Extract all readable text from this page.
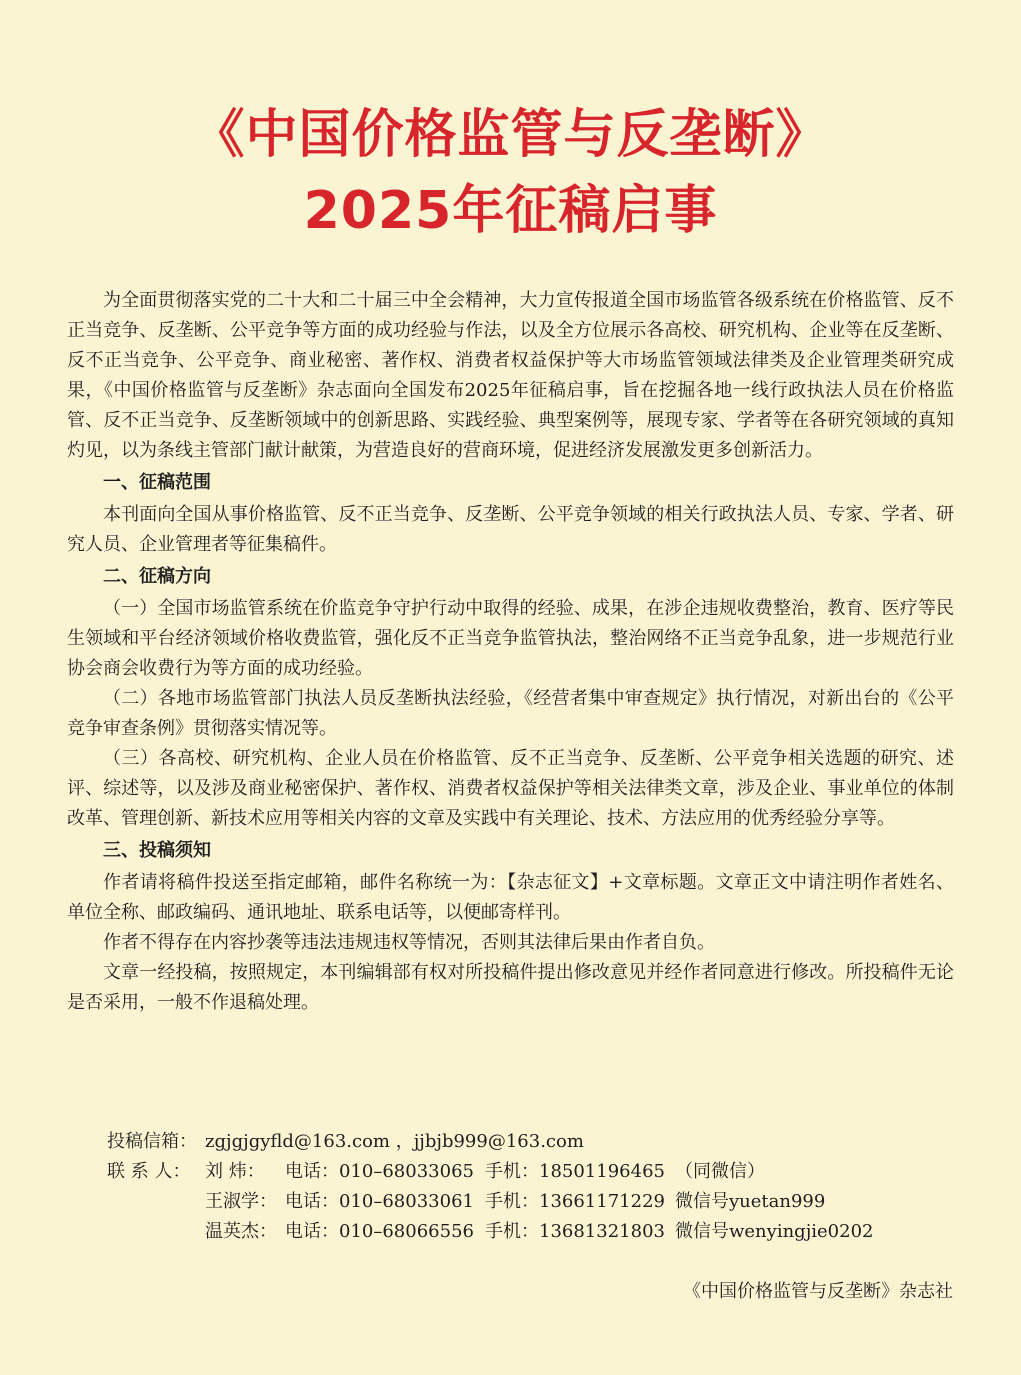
《中国价格监管与反垄断》
2025年征稿启事

为全面贯彻落实党的二十大和二十届三中全会精神，大力宣传报道全国市场监管各级系统在价格监管、反不正当竞争、反垄断、公平竞争等方面的成功经验与作法，以及全方位展示各高校、研究机构、企业等在反垄断、反不正当竞争、公平竞争、商业秘密、著作权、消费者权益保护等大市场监管领域法律类及企业管理类研究成果，《中国价格监管与反垄断》杂志面向全国发布2025年征稿启事，旨在挖掘各地一线行政执法人员在价格监管、反不正当竞争、反垄断领域中的创新思路、实践经验、典型案例等，展现专家、学者等在各研究领域的真知灼见，以为条线主管部门献计献策，为营造良好的营商环境，促进经济发展激发更多创新活力。

一、征稿范围

本刊面向全国从事价格监管、反不正当竞争、反垄断、公平竞争领域的相关行政执法人员、专家、学者、研究人员、企业管理者等征集稿件。

二、征稿方向

（一）全国市场监管系统在价监竞争守护行动中取得的经验、成果，在涉企违规收费整治，教育、医疗等民生领域和平台经济领域价格收费监管，强化反不正当竞争监管执法，整治网络不正当竞争乱象，进一步规范行业协会商会收费行为等方面的成功经验。

（二）各地市场监管部门执法人员反垄断执法经验，《经营者集中审查规定》执行情况，对新出台的《公平竞争审查条例》贯彻落实情况等。

（三）各高校、研究机构、企业人员在价格监管、反不正当竞争、反垄断、公平竞争相关选题的研究、述评、综述等，以及涉及商业秘密保护、著作权、消费者权益保护等相关法律类文章，涉及企业、事业单位的体制改革、管理创新、新技术应用等相关内容的文章及实践中有关理论、技术、方法应用的优秀经验分享等。

三、投稿须知

作者请将稿件投送至指定邮箱，邮件名称统一为：【杂志征文】+文章标题。文章正文中请注明作者姓名、单位全称、邮政编码、通讯地址、联系电话等，以便邮寄样刊。

作者不得存在内容抄袭等违法违规违权等情况，否则其法律后果由作者自负。

文章一经投稿，按照规定，本刊编辑部有权对所投稿件提出修改意见并经作者同意进行修改。所投稿件无论是否采用，一般不作退稿处理。

投稿信箱： zgjgjgyfld@163.com ，jjbjb999@163.com
联 系 人： 刘 炜：	电话：010–68033065 手机：18501196465 （同微信）
王淑学： 电话：010–68033061 手机：13661171229 微信号yuetan999
温英杰： 电话：010–68066556 手机：13681321803 微信号wenyingjie0202
《中国价格监管与反垄断》杂志社
